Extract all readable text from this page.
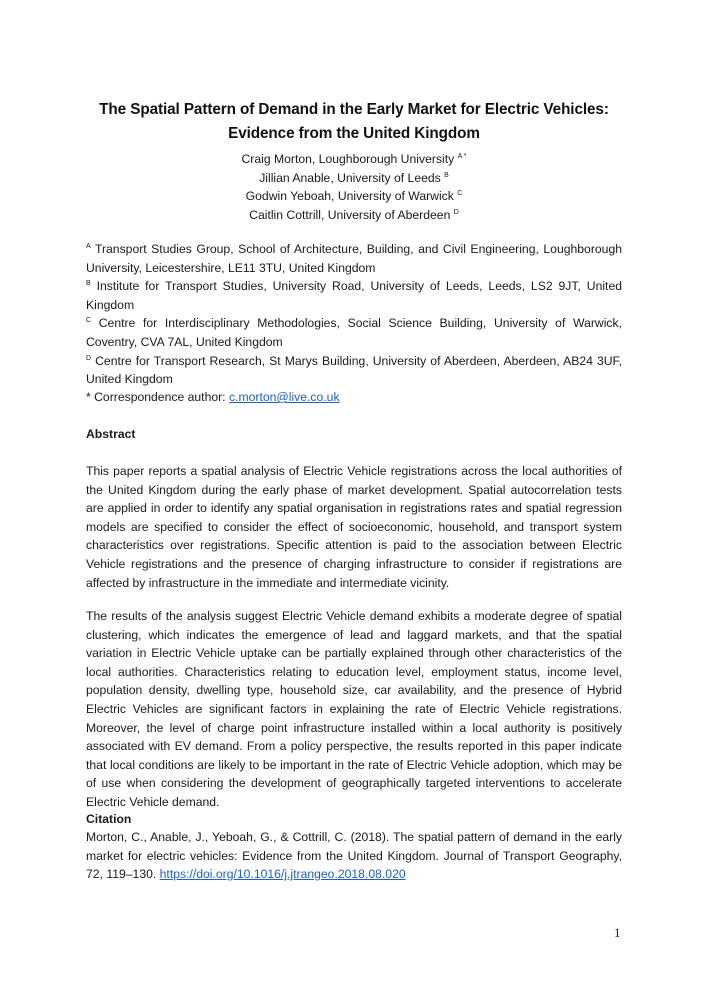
The Spatial Pattern of Demand in the Early Market for Electric Vehicles:
Evidence from the United Kingdom
Craig Morton, Loughborough University $^{A *}$
Jillian Anable, University of Leeds $^B$
Godwin Yeboah, University of Warwick $^C$
Caitlin Cottrill, University of Aberdeen $^D$

$^A$ Transport Studies Group, School of Architecture, Building, and Civil Engineering, Loughborough University, Leicestershire, LE11 3TU, United Kingdom

$^B$ Institute for Transport Studies, University Road, University of Leeds, Leeds, LS2 9JT, United Kingdom

$^C$ Centre for Interdisciplinary Methodologies, Social Science Building, University of Warwick, Coventry, CVA 7AL, United Kingdom

$^D$ Centre for Transport Research, St Marys Building, University of Aberdeen, Aberdeen, AB24 3UF, United Kingdom

* Correspondence author: c.morton@live.co.uk
Abstract

This paper reports a spatial analysis of Electric Vehicle registrations across the local authorities of the United Kingdom during the early phase of market development. Spatial autocorrelation tests are applied in order to identify any spatial organisation in registrations rates and spatial regression models are specified to consider the effect of socioeconomic, household, and transport system characteristics over registrations. Specific attention is paid to the association between Electric Vehicle registrations and the presence of charging infrastructure to consider if registrations are affected by infrastructure in the immediate and intermediate vicinity.

The results of the analysis suggest Electric Vehicle demand exhibits a moderate degree of spatial clustering, which indicates the emergence of lead and laggard markets, and that the spatial variation in Electric Vehicle uptake can be partially explained through other characteristics of the local authorities. Characteristics relating to education level, employment status, income level, population density, dwelling type, household size, car availability, and the presence of Hybrid Electric Vehicles are significant factors in explaining the rate of Electric Vehicle registrations. Moreover, the level of charge point infrastructure installed within a local authority is positively associated with EV demand. From a policy perspective, the results reported in this paper indicate that local conditions are likely to be important in the rate of Electric Vehicle adoption, which may be of use when considering the development of geographically targeted interventions to accelerate Electric Vehicle demand.

Citation

Morton, C., Anable, J., Yeboah, G., & Cottrill, C. (2018). The spatial pattern of demand in the early market for electric vehicles: Evidence from the United Kingdom. Journal of Transport Geography, 72, 119–130. https://doi.org/10.1016/j.jtrangeo.2018.08.020

1
